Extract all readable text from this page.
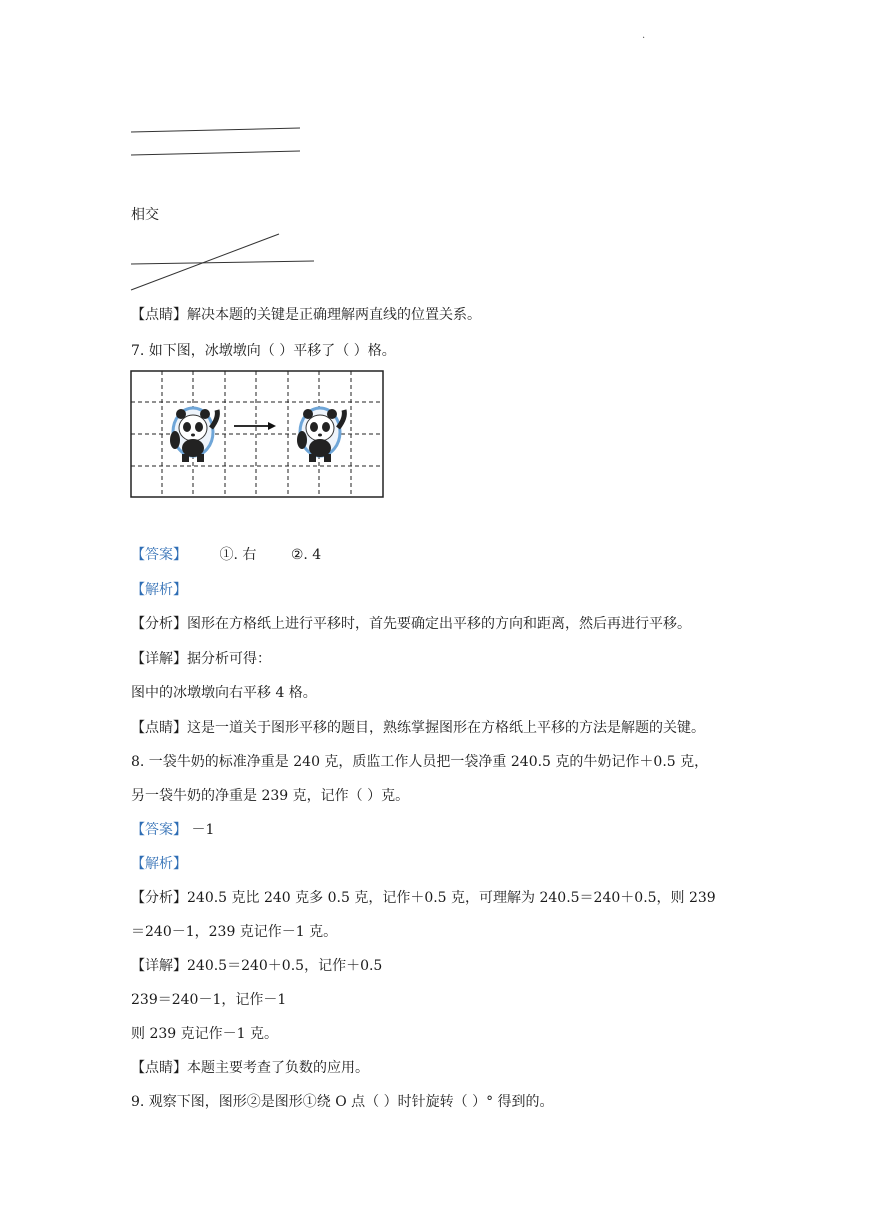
.
相交
【点睛】解决本题的关键是正确理解两直线的位置关系。
7. 如下图，冰墩墩向（ ）平移了（ ）格。
【答案】 ①. 右 ②. 4
【解析】
【分析】图形在方格纸上进行平移时，首先要确定出平移的方向和距离，然后再进行平移。
【详解】据分析可得：
图中的冰墩墩向右平移 4 格。
【点睛】这是一道关于图形平移的题目，熟练掌握图形在方格纸上平移的方法是解题的关键。
8. 一袋牛奶的标准净重是 240 克，质监工作人员把一袋净重 240.5 克的牛奶记作＋0.5 克，
另一袋牛奶的净重是 239 克，记作（ ）克。
【答案】 －1
【解析】
【分析】240.5 克比 240 克多 0.5 克，记作＋0.5 克，可理解为 240.5＝240＋0.5，则 239
＝240－1，239 克记作－1 克。
【详解】240.5＝240＋0.5，记作＋0.5
239＝240－1，记作－1
则 239 克记作－1 克。
【点睛】本题主要考查了负数的应用。
9. 观察下图，图形②是图形①绕 O 点（ ）时针旋转（ ）° 得到的。
